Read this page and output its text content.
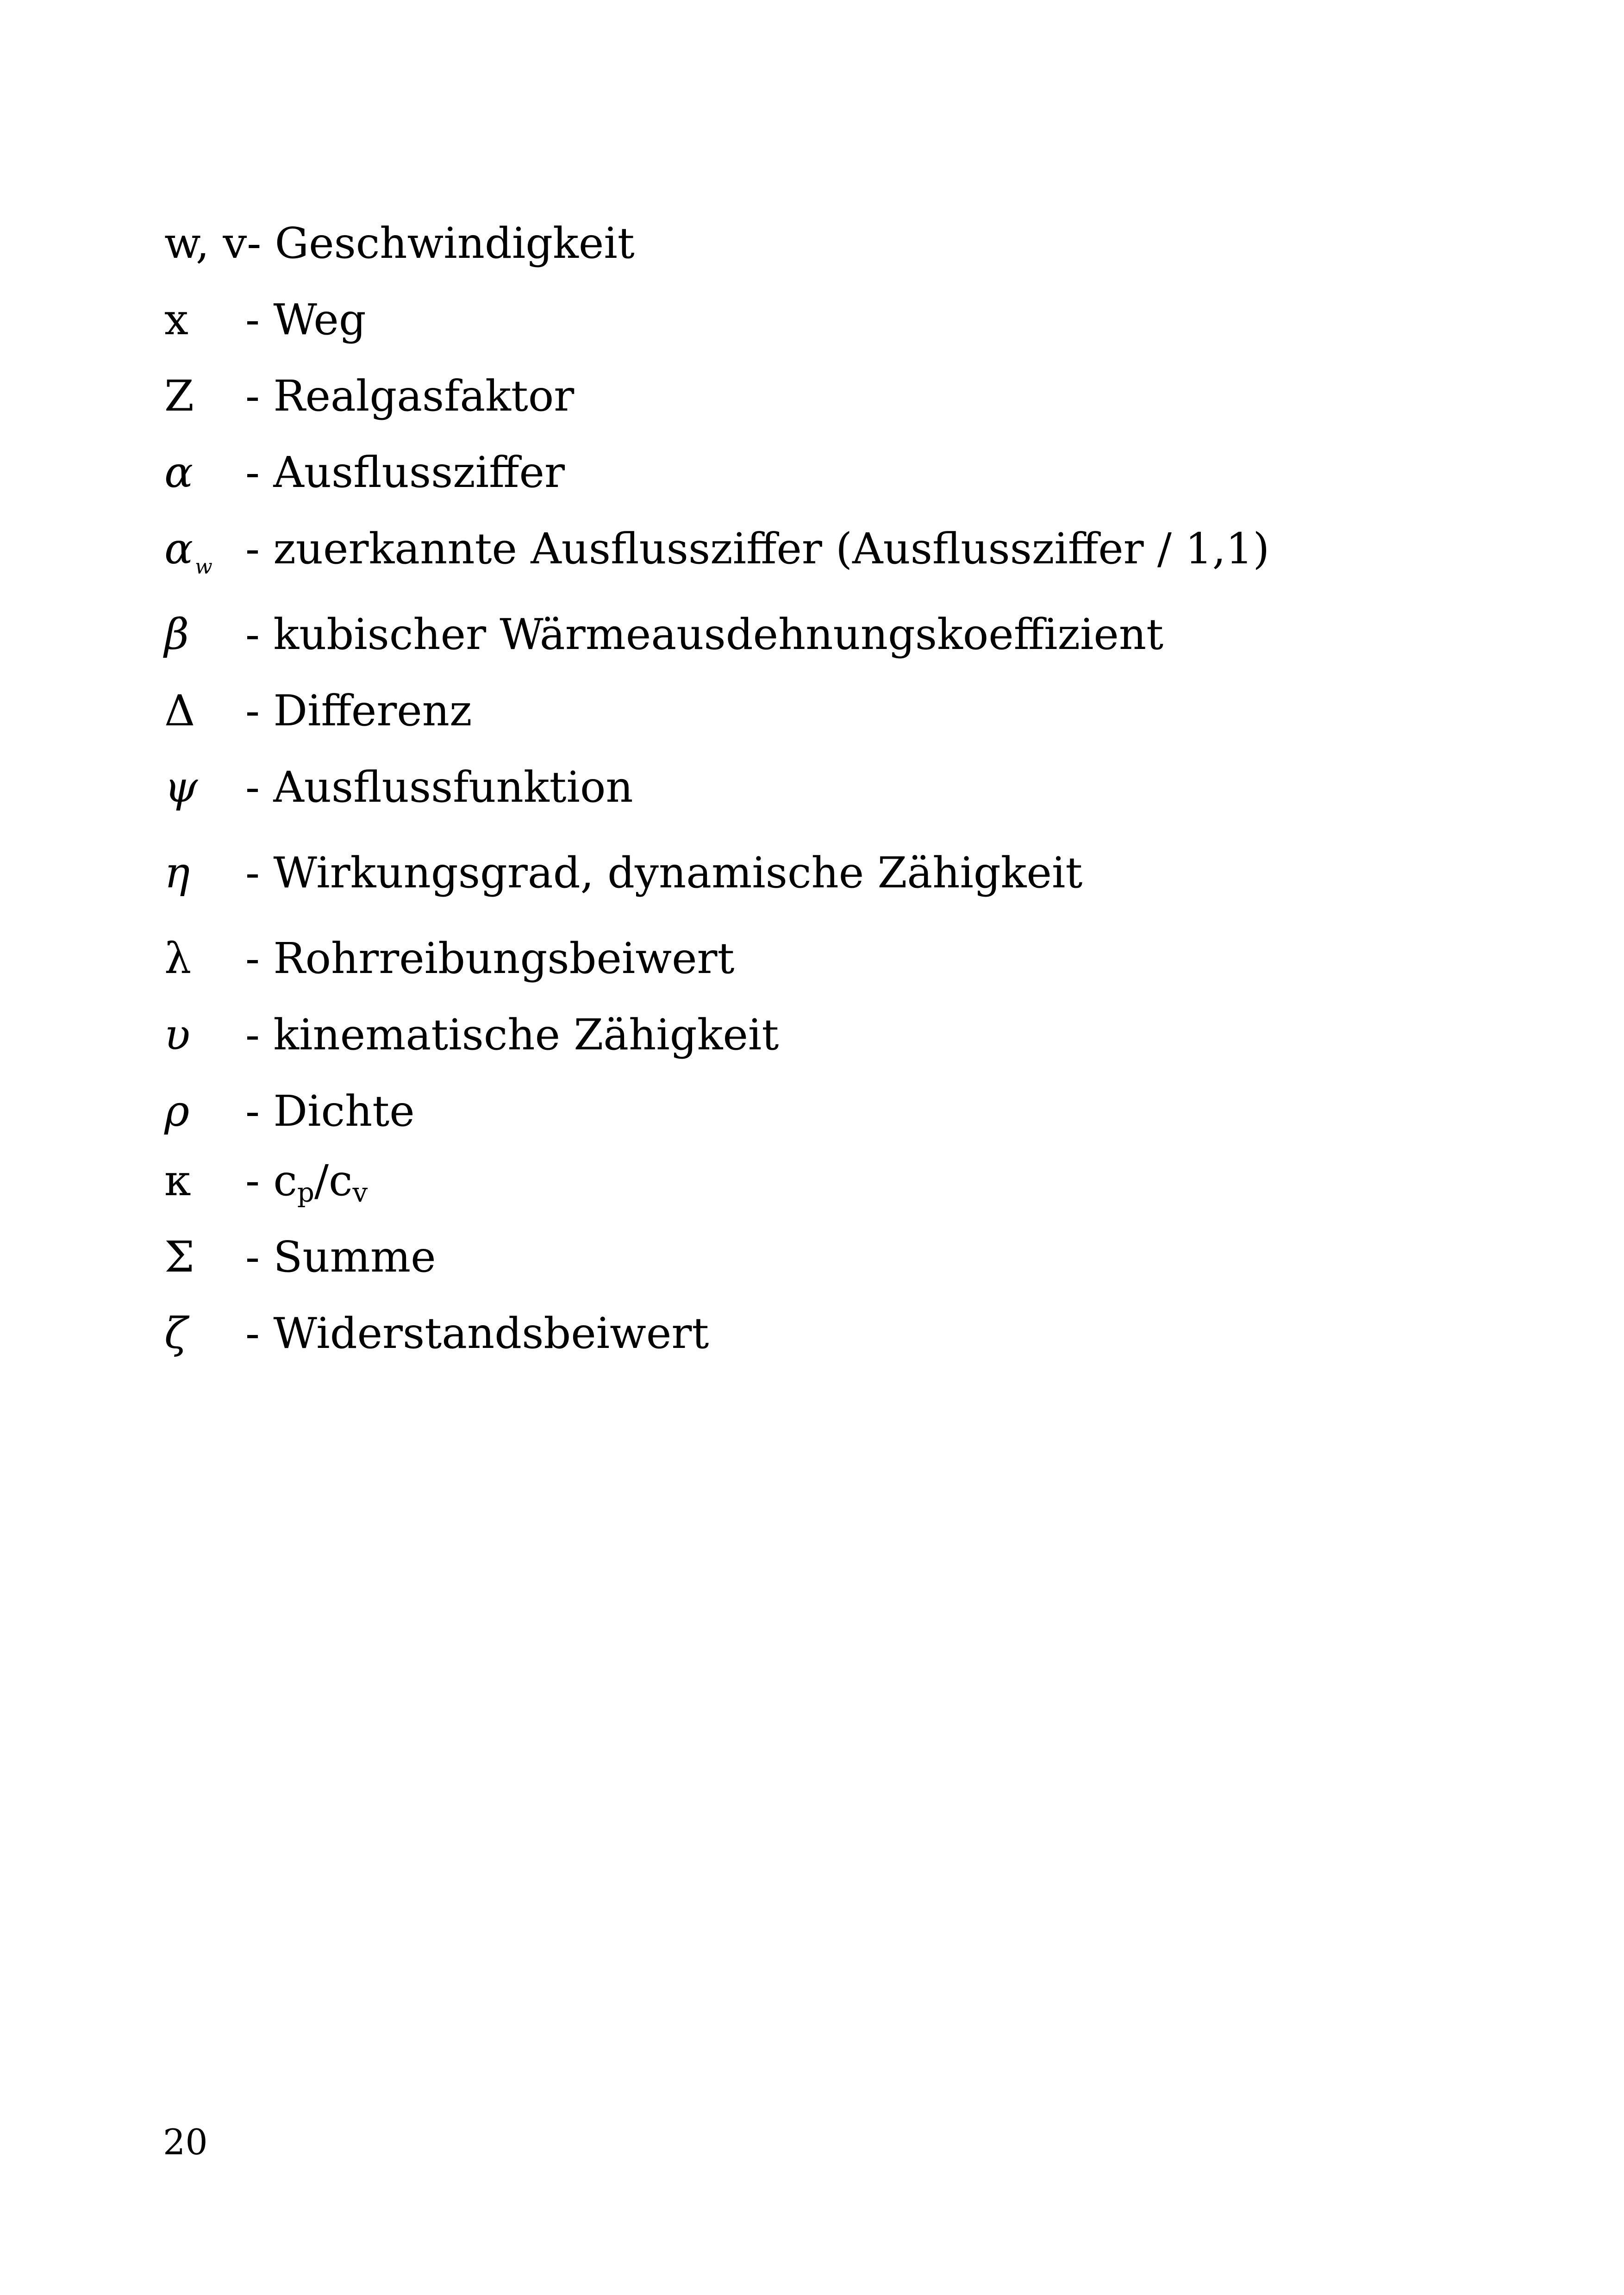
w, v- Geschwindigkeit
x - Weg
Z - Realgasfaktor
α - Ausflussziffer
$\alpha_w$ - zuerkannte Ausflussziffer (Ausflussziffer / 1,1)
β - kubischer Wärmeausdehnungskoeffizient
Δ - Differenz
ψ - Ausflussfunktion
η - Wirkungsgrad, dynamische Zähigkeit
λ - Rohrreibungsbeiwert
υ - kinematische Zähigkeit
ρ - Dichte
κ - $c_p/c_v$
Σ - Summe
ζ - Widerstandsbeiwert
20
